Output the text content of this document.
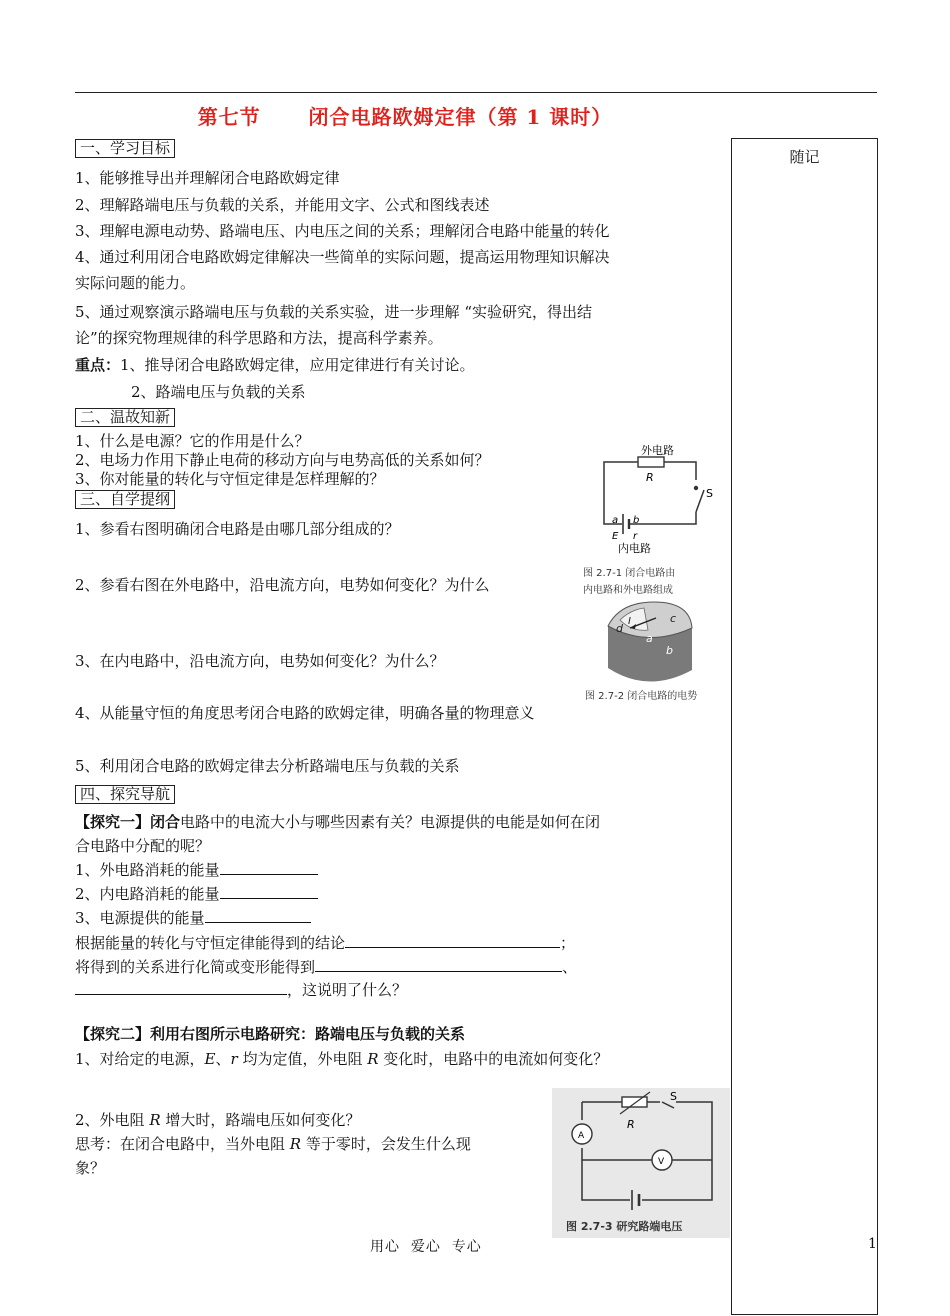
第七节      闭合电路欧姆定律（第 1 课时）
随记
一、学习目标
1、能够推导出并理解闭合电路欧姆定律
2、理解路端电压与负载的关系，并能用文字、公式和图线表述
3、理解电源电动势、路端电压、内电压之间的关系；理解闭合电路中能量的转化
4、通过利用闭合电路欧姆定律解决一些简单的实际问题，提高运用物理知识解决
实际问题的能力。
5、通过观察演示路端电压与负载的关系实验，进一步理解 “实验研究，得出结
论”的探究物理规律的科学思路和方法，提高科学素养。
重点：1、推导闭合电路欧姆定律，应用定律进行有关讨论。
2、路端电压与负载的关系
二、温故知新
1、什么是电源？它的作用是什么？
2、电场力作用下静止电荷的移动方向与电势高低的关系如何？
3、你对能量的转化与守恒定律是怎样理解的？
三、自学提纲
1、参看右图明确闭合电路是由哪几部分组成的？
2、参看右图在外电路中，沿电流方向，电势如何变化？为什么
3、在内电路中，沿电流方向，电势如何变化？为什么？
4、从能量守恒的角度思考闭合电路的欧姆定律，明确各量的物理意义
5、利用闭合电路的欧姆定律去分析路端电压与负载的关系
四、探究导航
【探究一】闭合电路中的电流大小与哪些因素有关？电源提供的电能是如何在闭
合电路中分配的呢？
1、外电路消耗的能量
2、内电路消耗的能量
3、电源提供的能量
根据能量的转化与守恒定律能得到的结论	；
将得到的关系进行化简或变形能得到	、
，这说明了什么？
【探究二】利用右图所示电路研究：路端电压与负载的关系
1、对给定的电源，E、r 均为定值，外电阻 R 变化时，电路中的电流如何变化？
2、外电阻 R 增大时，路端电压如何变化？
思考：在闭合电路中，当外电阻 R 等于零时，会发生什么现
象？
外电路
R
S
a b
E r
内电路
图 2.7-1 闭合电路由
内电路和外电路组成
d
I	c
a
b
图 2.7-2 闭合电路的电势
R
S
A
V
图 2.7-3 研究路端电压
用心  爱心  专心	1
